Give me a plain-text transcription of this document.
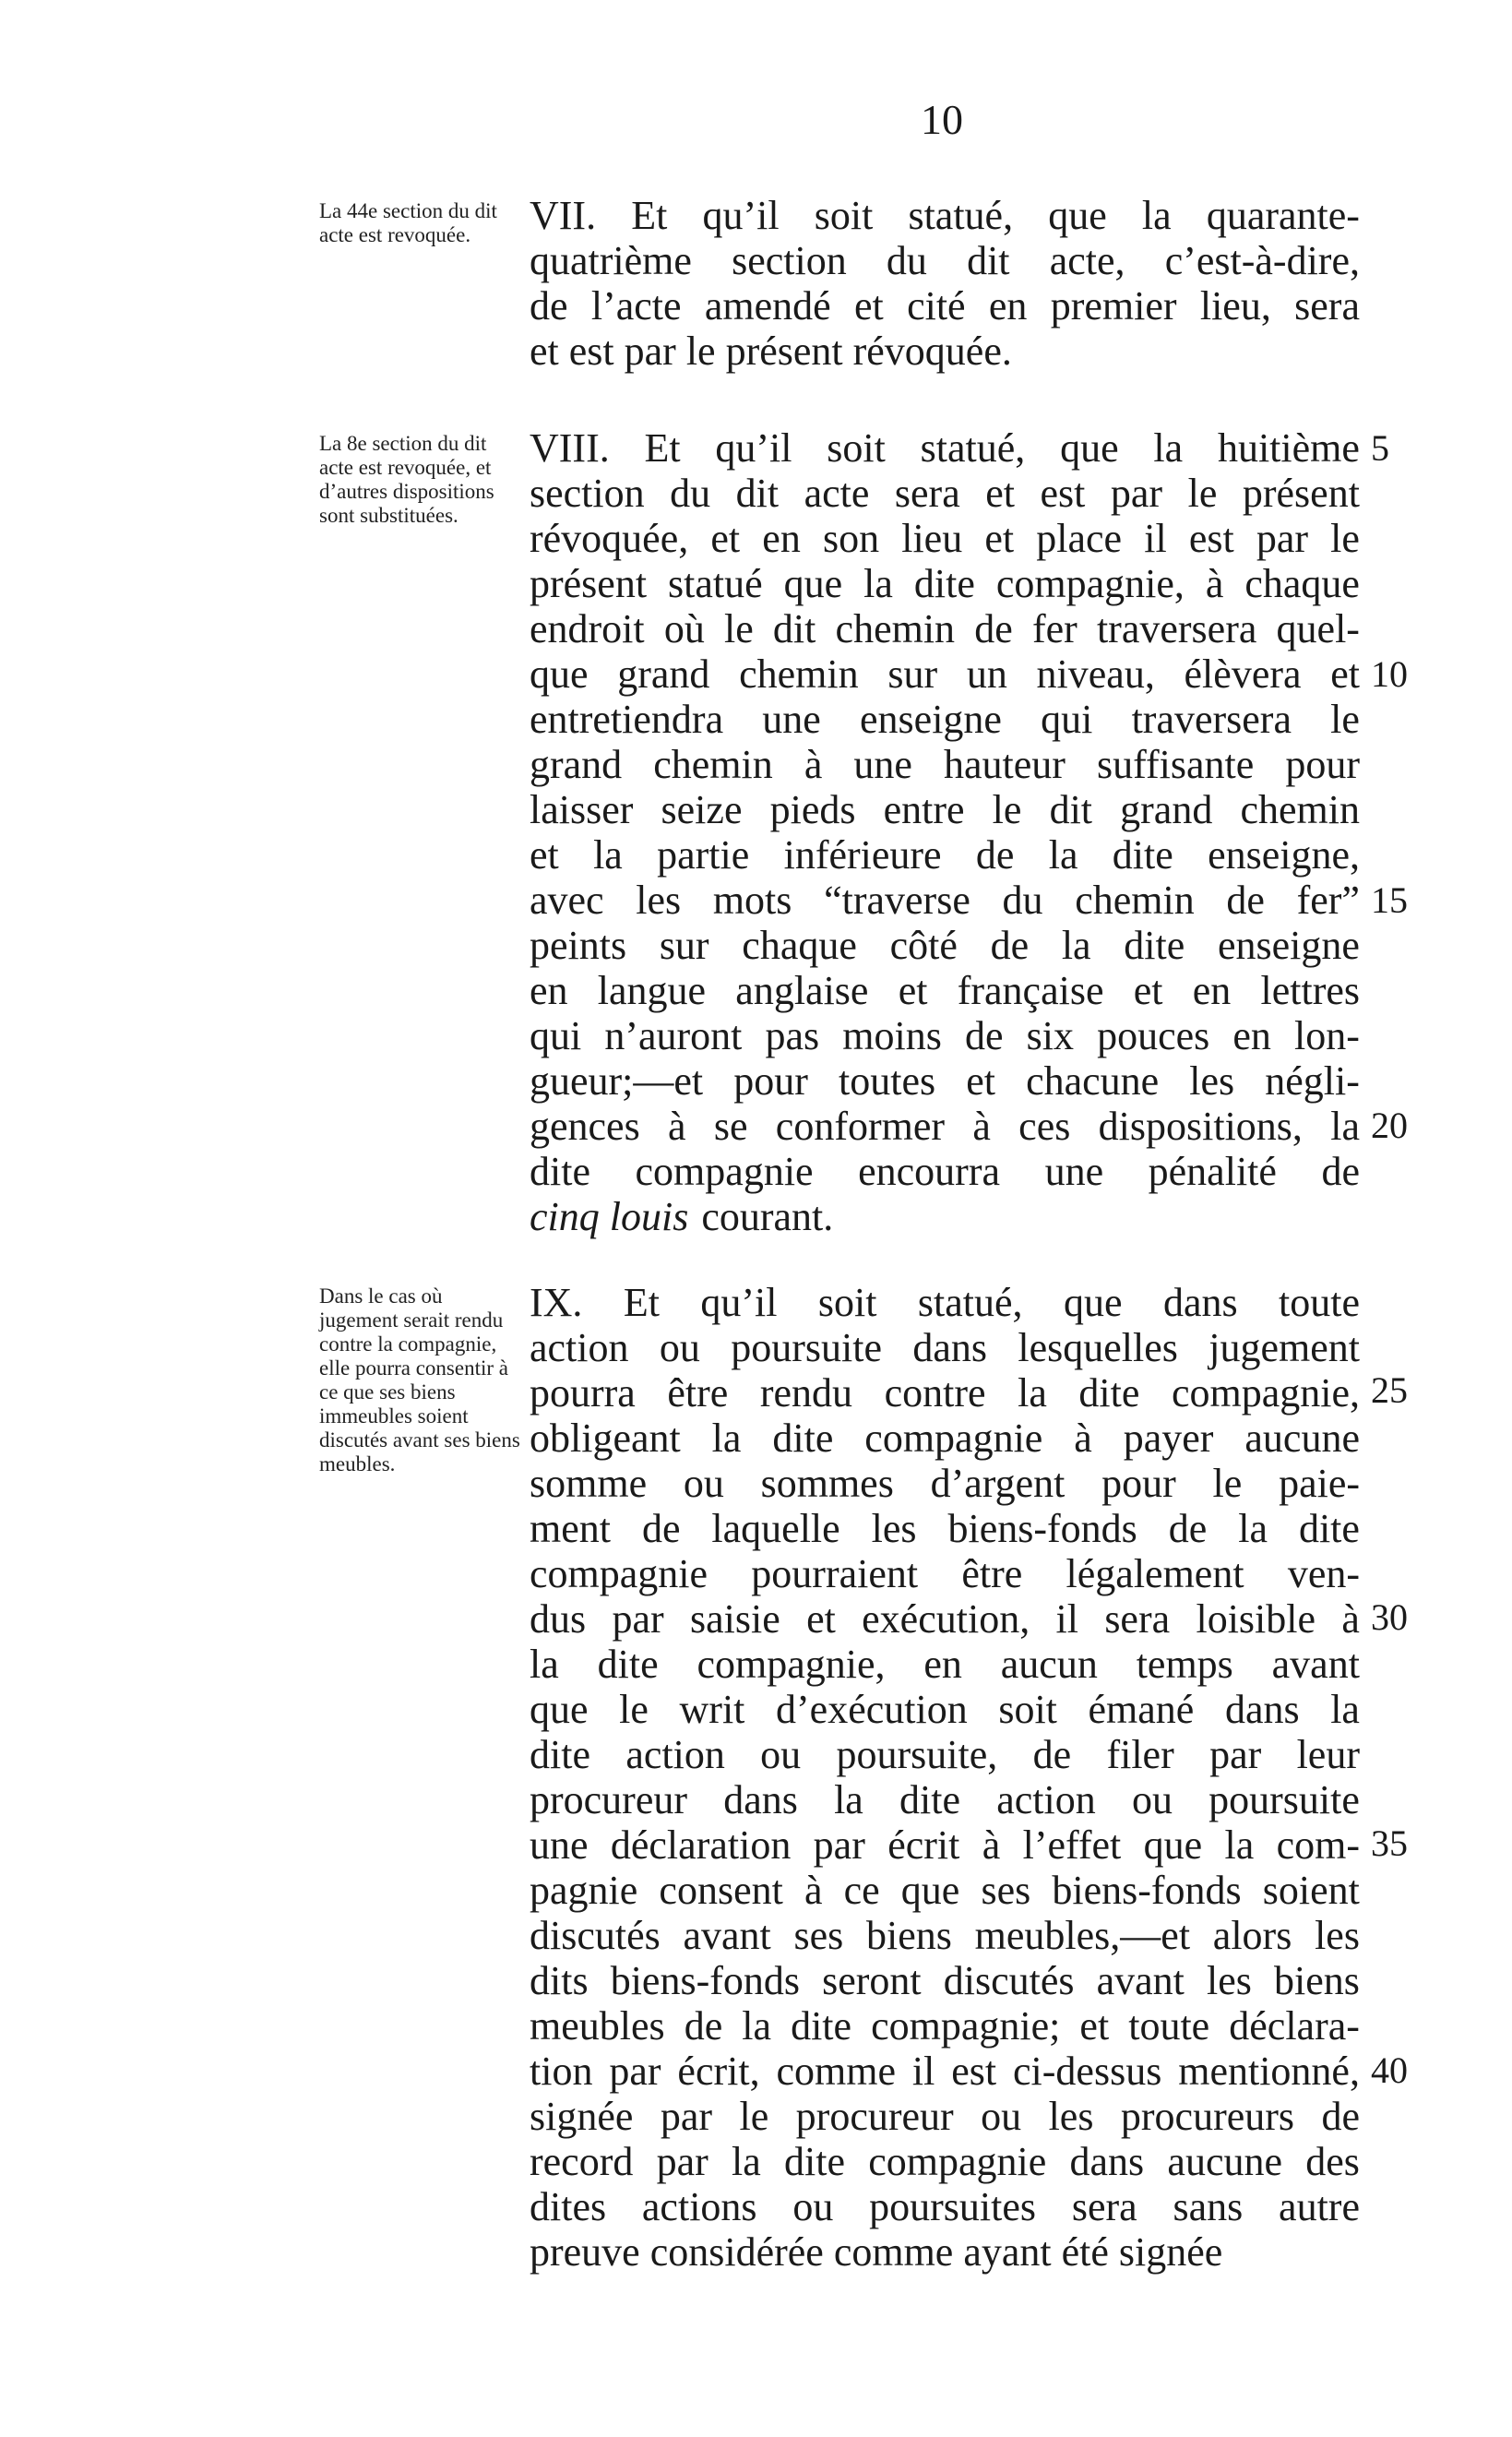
10
La 44e section du dit acte est revoquée.	VII. Et qu’il soit statué, que la quarante-
quatrième section du dit acte, c’est-à-dire,
de l’acte amendé et cité en premier lieu, sera
et est par le présent révoquée.
La 8e section du dit acte est revoquée, et d’autres dispositions sont substituées.
VIII. Et qu’il soit statué, que la huitième
section du dit acte sera et est par le présent
révoquée, et en son lieu et place il est par le
présent statué que la dite compagnie, à chaque
endroit où le dit chemin de fer traversera quel-
que grand chemin sur un niveau, élèvera et
entretiendra une enseigne qui traversera le
grand chemin à une hauteur suffisante pour
laisser seize pieds entre le dit grand chemin
et la partie inférieure de la dite enseigne,
avec les mots “traverse du chemin de fer”
peints sur chaque côté de la dite enseigne
en langue anglaise et française et en lettres
qui n’auront pas moins de six pouces en lon-
gueur;—et pour toutes et chacune les négli-
gences à se conformer à ces dispositions, la
dite compagnie encourra une pénalité de
cinq louis courant.
Dans le cas où jugement serait rendu contre la compagnie, elle pourra consentir à ce que ses biens immeubles soient discutés avant ses biens meubles.
IX. Et qu’il soit statué, que dans toute
action ou poursuite dans lesquelles jugement
pourra être rendu contre la dite compagnie,
obligeant la dite compagnie à payer aucune
somme ou sommes d’argent pour le paie-
ment de laquelle les biens-fonds de la dite
compagnie pourraient être légalement ven-
dus par saisie et exécution, il sera loisible à
la dite compagnie, en aucun temps avant
que le writ d’exécution soit émané dans la
dite action ou poursuite, de filer par leur
procureur dans la dite action ou poursuite
une déclaration par écrit à l’effet que la com-
pagnie consent à ce que ses biens-fonds soient
discutés avant ses biens meubles,—et alors les
dits biens-fonds seront discutés avant les biens
meubles de la dite compagnie; et toute déclara-
tion par écrit, comme il est ci-dessus mentionné,
signée par le procureur ou les procureurs de
record par la dite compagnie dans aucune des
dites actions ou poursuites sera sans autre
preuve considérée comme ayant été signée
5
10
15
20
25
30
35
40
